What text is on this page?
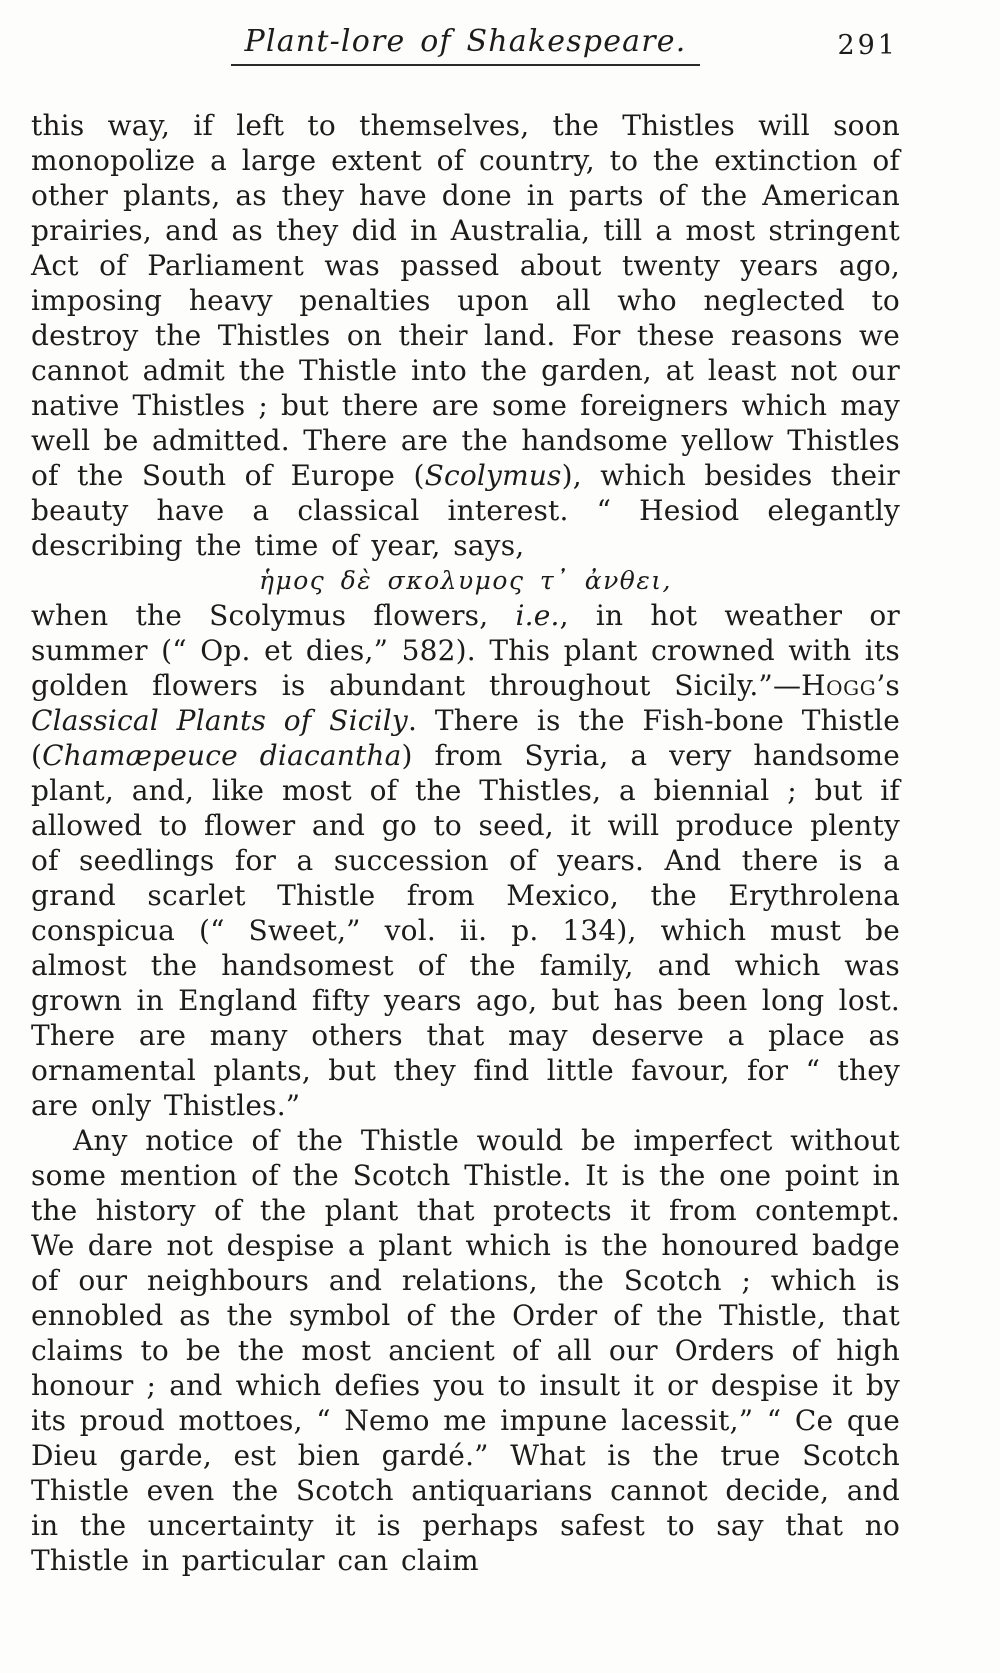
Plant-lore of Shakespeare.	291

this way, if left to themselves, the Thistles will soon monopolize a large extent of country, to the extinction of other plants, as they have done in parts of the American prairies, and as they did in Australia, till a most stringent Act of Parliament was passed about twenty years ago, imposing heavy penalties upon all who neglected to destroy the Thistles on their land. For these reasons we cannot admit the Thistle into the garden, at least not our native Thistles ; but there are some foreigners which may well be admitted. There are the handsome yellow Thistles of the South of Europe (Scolymus), which besides their beauty have a classical interest. “ Hesiod elegantly describing the time of year, says,

ἡμος δὲ σκολυμος τ᾽ ἀνθει,

when the Scolymus flowers, i.e., in hot weather or summer (“ Op. et dies,” 582). This plant crowned with its golden flowers is abundant throughout Sicily.”—Hogg’s Classical Plants of Sicily. There is the Fish-bone Thistle (Chamæpeuce diacantha) from Syria, a very handsome plant, and, like most of the Thistles, a biennial ; but if allowed to flower and go to seed, it will produce plenty of seedlings for a succession of years. And there is a grand scarlet Thistle from Mexico, the Erythrolena conspicua (“ Sweet,” vol. ii. p. 134), which must be almost the handsomest of the family, and which was grown in England fifty years ago, but has been long lost. There are many others that may deserve a place as ornamental plants, but they find little favour, for “ they are only Thistles.”

Any notice of the Thistle would be imperfect without some mention of the Scotch Thistle. It is the one point in the history of the plant that protects it from contempt. We dare not despise a plant which is the honoured badge of our neighbours and relations, the Scotch ; which is ennobled as the symbol of the Order of the Thistle, that claims to be the most ancient of all our Orders of high honour ; and which defies you to insult it or despise it by its proud mottoes, “ Nemo me impune lacessit,” “ Ce que Dieu garde, est bien gardé.” What is the true Scotch Thistle even the Scotch antiquarians cannot decide, and in the uncertainty it is perhaps safest to say that no Thistle in particular can claim
